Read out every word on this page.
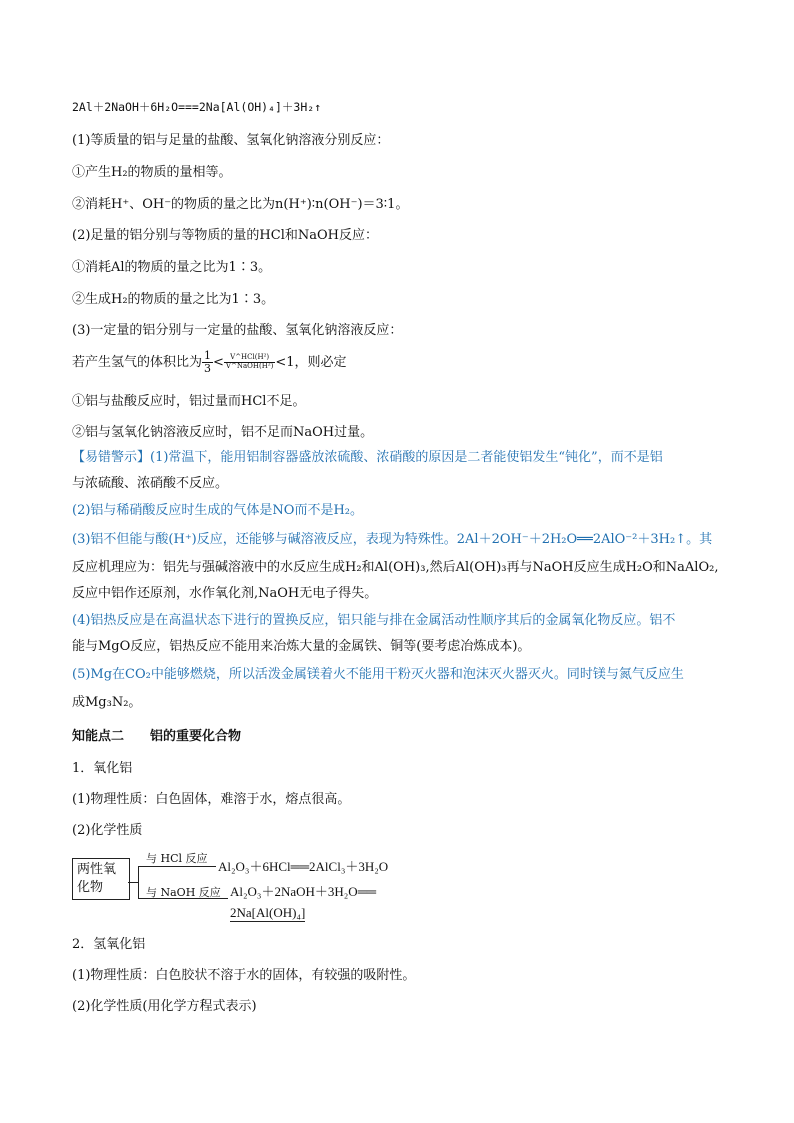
2Al＋2NaOH＋6H₂O===2Na[Al(OH)₄]＋3H₂↑
(1)等质量的铝与足量的盐酸、氢氧化钠溶液分别反应：
①产生H₂的物质的量相等。
②消耗H⁺、OH⁻的物质的量之比为n(H⁺)∶n(OH⁻)＝3∶1。
(2)足量的铝分别与等物质的量的HCl和NaOH反应：
①消耗Al的物质的量之比为1∶3。
②生成H₂的物质的量之比为1∶3。
(3)一定量的铝分别与一定量的盐酸、氢氧化钠溶液反应：
若产生氢气的体积比为 $\frac{1}{3} < \frac{\text{V\textasciicircum{}HCl(H²)}}{\text{V\textasciicircum{}NaOH(H²)}} <1$，则必定
①铝与盐酸反应时，铝过量而HCl不足。
②铝与氢氧化钠溶液反应时，铝不足而NaOH过量。
【易错警示】(1)常温下，能用铝制容器盛放浓硫酸、浓硝酸的原因是二者能使铝发生“钝化”，而不是铝
与浓硫酸、浓硝酸不反应。
(2)铝与稀硝酸反应时生成的气体是NO而不是H₂。
(3)铝不但能与酸(H⁺)反应，还能够与碱溶液反应，表现为特殊性。2Al＋2OH⁻＋2H₂O══2AlO⁻²＋3H₂↑。其
反应机理应为：铝先与强碱溶液中的水反应生成H₂和Al(OH)₃,然后Al(OH)₃再与NaOH反应生成H₂O和NaAlO₂,
反应中铝作还原剂，水作氧化剂,NaOH无电子得失。
(4)铝热反应是在高温状态下进行的置换反应，铝只能与排在金属活动性顺序其后的金属氧化物反应。铝不
能与MgO反应，铝热反应不能用来冶炼大量的金属铁、铜等(要考虑冶炼成本)。
(5)Mg在CO₂中能够燃烧，所以活泼金属镁着火不能用干粉灭火器和泡沫灭火器灭火。同时镁与氮气反应生
成Mg₃N₂。
知能点二　　铝的重要化合物
1．氧化铝
(1)物理性质：白色固体，难溶于水，熔点很高。
(2)化学性质
两性氧
化物
与 HCl 反应
与 NaOH 反应
Al₂O₃＋6HCl══2AlCl₃＋3H₂O
Al₂O₃＋2NaOH＋3H₂O══
2Na[Al(OH)₄]
2．氢氧化铝
(1)物理性质：白色胶状不溶于水的固体，有较强的吸附性。
(2)化学性质(用化学方程式表示)
